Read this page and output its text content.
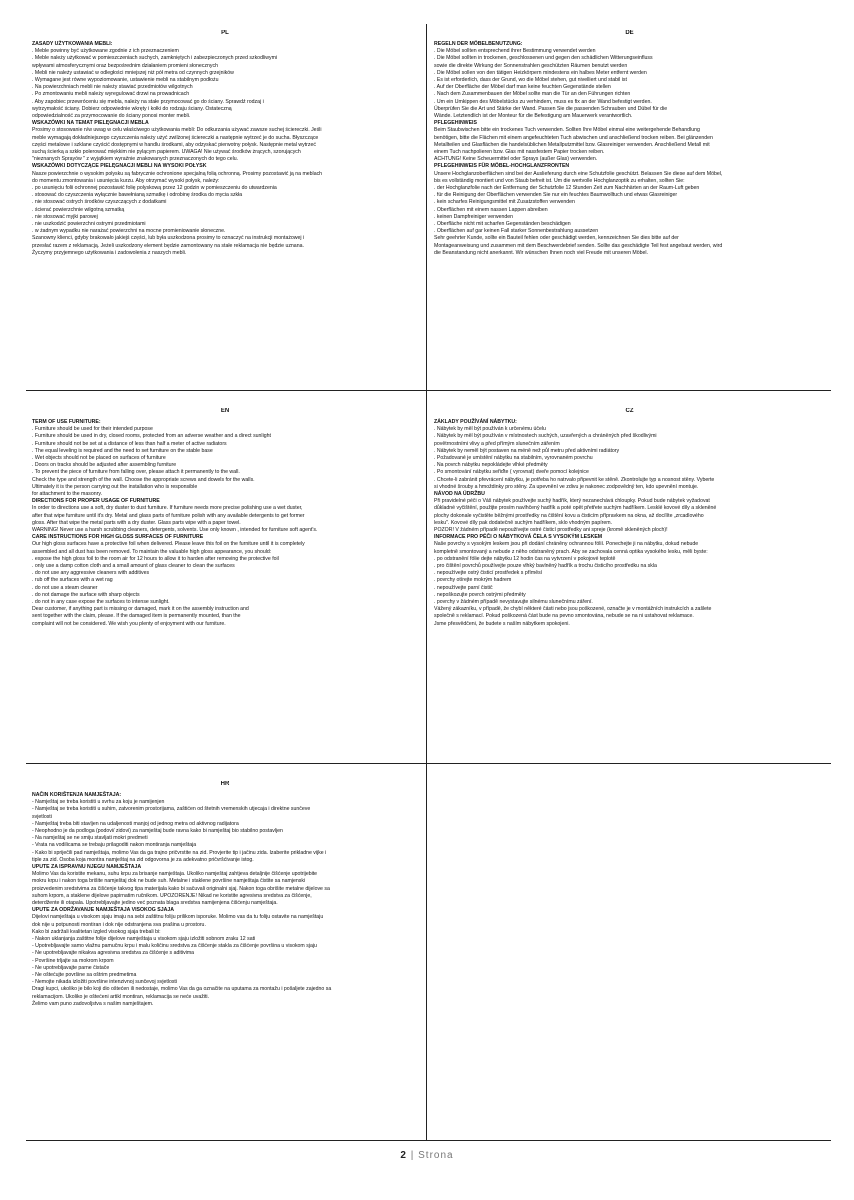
PL

ZASADY UŻYTKOWANIA MEBLI:

. Meble powinny być użytkowane zgodnie z ich przeznaczeniem

. Meble należy użytkować w pomieszczeniach suchych, zamkniętych i zabezpieczonych przed szkodliwymi

wpływami atmosferycznymi oraz bezpośrednim działaniem promieni słonecznych

. Mebli nie należy ustawiać w odległości mniejszej niż pół metra od czynnych grzejników

. Wymagane jest równe wypoziomowanie, ustawienie mebli na stabilnym podłożu

. Na powierzchniach mebli nie należy stawiać przedmiotów wilgotnych

. Po zmontowaniu mebli należy wyregulować drzwi na prowadnicach

. Aby zapobiec przewróceniu się mebla, należy na stałe przymocować go do ściany. Sprawdź rodzaj i

wytrzymałość ściany. Dobierz odpowiednie wkręty i kołki do rodzaju ściany. Ostateczną

odpowiedzialność za przymocowanie do ściany ponosi monter mebli.

WSKAZÓWKI NA TEMAT PIELĘGNACJI MEBLA

Prosimy o stosowanie n/w uwag w celu właściwego użytkowania mebli: Do odkurzania używać zawsze suchej ściereczki. Jeśli

meble wymagają dokładniejszego czyszczenia należy użyć zwilżonej ściereczki a następnie wytrzeć je do sucha. Błyszczące

części metalowe i szklane czyścić dostępnymi w handlu środkami, aby odzyskać pierwotny połysk. Następnie metal wytrzeć

suchą ścierką a szkło polerować miękkim nie pylącym papierem. UWAGA! Nie używać środków żrących, szorujących

"nieznanych Sprayów " z wyjątkiem wyraźnie znakowanych przeznaczonych do tego celu.

WSKAZÓWKI DOTYCZĄCE PIELĘGNACJI MEBLI NA WYSOKI POŁYSK

Nasze powierzchnie o wysokim połysku są fabrycznie ochronione specjalną folią ochronną. Prosimy pozostawić ją na meblach

do momentu zmontowania i usunięcia kurzu. Aby otrzymać wysoki połysk, należy:

. po usunięciu folii ochronnej pozostawić folię polyskową przez 12 godzin w pomieszczeniu do utwardzenia

. stosować do czyszczenia wyłącznie bawełnianą szmatkę i odrobinę środka do mycia szkła

. nie stosować ostrych środków czyszczących z dodatkami

. ścierać powierzchnie wilgotną szmatką

. nie stosować myjki parowej

. nie uszkodzić powierzchni ostrymi przedmiotami

. w żadnym wypadku nie narażać powierzchni na mocne promieniowanie słoneczne.

Szanowny klienci, gdyby brakowało jakiejś części, lub była uszkodzona prosimy to oznaczyć na instrukcji montażowej i

przesłać razem z reklamacją. Jeżeli uszkodzony element będzie zamontowany na stałe reklamacja nie będzie uznana.

Życzymy przyjemnego użytkowania i zadowolenia z naszych mebli.

DE

REGELN DER MÖBELBENUTZUNG:

. Die Möbel sollten entsprechend ihrer Bestimmung verwendet werden

. Die Möbel sollten in trockenen, geschlossenen und gegen den schädlichen Witterungseinfluss

sowie die direkte Wirkung der Sonnenstrahlen geschützten Räumen benutzt werden

. Die Möbel sollen von den tätigen Heizkörpern mindestens ein halbes Meter entfernt werden

. Es ist erforderlich, dass der Grund, wo die Möbel stehen, gut nivelliert und stabil ist

. Auf der Oberfläche der Möbel darf man keine feuchten Gegenstände stellen

. Nach dem Zusammenbauen der Möbel sollte man die Tür an den Führungen richten

. Um ein Umkippen des Möbelstücks zu verhindern, muss es fix an der Wand befestigt werden.

Überprüfen Sie die Art und Stärke der Wand. Passen Sie die passenden Schrauben und Dübel für die

Wände. Letztendlich ist der Monteur für die Befestigung am Mauerwerk verantwortlich.

PFLEGEHINWEIS

Beim Staubwischen bitte ein trockenes Tuch verwenden. Sollten Ihre Möbel einmal eine weitergehende Behandlung

benötigen, bitte die Flächen mit einem angefeuchteten Tuch abwischen und anschließend trocken reiben. Bei glänzenden

Metallteilen und Glasflächen die handelsüblichen Metallputzmittel bzw. Glasreiniger verwenden. Anschließend Metall mit

einem Tuch nachpolieren bzw. Glas mit nassfestem Papier trocken reiben.

ACHTUNG! Keine Scheuermittel oder Sprays (außer Glas) verwenden.

PFLEGEHINWEIS FÜR MÖBEL-HOCHGLANZFRONTEN

Unsere Hochglanzoberflächen sind bei der Auslieferung durch eine Schutzfolie geschützt. Belassen Sie diese auf dem Möbel,

bis es vollständig montiert und von Staub befreit ist. Um die wertvolle Hochglanzoptik zu erhalten, sollten Sie:

. der Hochglanzfolie nach der Entfernung der Schutzfolie 12 Stunden Zeit zum Nachhärten an der Raum-Luft geben

. für die Reinigung der Oberflächen verwenden Sie nur ein feuchtes Baumwolltuch und etwas Glasreiniger

. kein scharfes Reinigungsmittel mit Zusatzstoffen verwenden

. Oberflächen mit einem nassen Lappen abreiben

. keinen Dampfreiniger verwenden

. Oberfläche nicht mit scharfen Gegenständen beschädigen

. Oberflächen auf gar keinen Fall starker Sonnenbestrahlung aussetzen

Sehr geehrter Kunde, sollte ein Bauteil fehlen oder geschädigt werden, kennzeichnen Sie dies bitte auf der

Montageanweisung und zusammen mit dem Beschwerdebrief senden. Sollte das geschädigte Teil fest angebaut werden, wird

die Beanstandung nicht anerkannt. Wir wünschen Ihnen noch viel Freude mit unseren Möbel.

EN

TERM OF USE FURNITURE:

. Furniture should be used for their intended purpose

. Furniture should be used in dry, closed rooms, protected from an adverse weather and a direct sunlight

. Furniture should not be set at a distance of less than half a meter of active radiators

. The equal leveling is required and the need to set furniture on the stable base

. Wet objects should not be placed on surfaces of furniture

. Doors on tracks should be adjusted after assembling furniture

. To prevent the piece of furniture from falling over, please attach it permanently to the wall.

Check the type and strength of the wall. Choose the appropriate screws and dowels for the walls.

Ultimately it is the person carrying out the installation who is responsible

for attachment to the masonry.

DIRECTIONS FOR PROPER USAGE OF FURNITURE

In order to directions use a soft, dry duster to dust furniture. If furniture needs more precise polishing use a wet duster,

after that wipe furniture until it's dry. Metal and glass parts of furniture polish with any available detergents to get former

gloss. After that wipe the metal parts with a dry duster. Glass parts wipe with a paper towel.

WARNING! Never use a harsh scrubbing cleaners, detergents, solvents. Use only known , intended for furniture soft agent's.

CARE INSTRUCTIONS FOR HIGH GLOSS SURFACES OF FURNITURE

Our high gloss surfaces have a protective foil when delivered. Please leave this foil on the furniture until it is completely

assembled and all dust has been removed. To maintain the valuable high gloss appearance, you should:

. expose the high gloss foil to the room air for 12 hours to allow it to harden after removing the protective foil

. only use a damp cotton cloth and a small amount of glass cleaner to clean the surfaces

. do not use any aggressive cleaners with additives

. rub off the surfaces with a wet rag

. do not use a steam cleaner

. do not damage the surface with sharp objects

. do not in any case expose the surfaces to intense sunlight.

Dear customer, if anything part is missing or damaged, mark it on the assembly instruction and

sent together with the claim, please. If the damaged item is permanently mounted, than the

complaint will not be considered. We wish you plenty of enjoyment with our furniture.

CZ

ZÁKLADY POUŽÍVÁNÍ NÁBYTKU:

. Nábytek by měl být používán k určenému účelu

. Nábytek by měl být používán v místnostech suchých, uzavřených a chráněných před škodlivými

povětrnostními vlivy a před přímým slunečním zářením

. Nábytek by neměl být postaven na méně než půl metru před aktivními radiátory

. Požadované je umístění nábytku na stabilním, vyrovnaném povrchu

. Na povrch nábytku nepokládejte vlhké předměty

. Po smontování nábytku seřiďte ( vyrovnat) dveře pomocí kolejnice

. Chcete-li zabránit převrácení nábytku, je potřeba ho natrvalo připevnit ke stěně. Zkontrolujte typ a nosnost stěny. Vyberte

si vhodné šrouby a hmoždinky pro stěny. Za upevnění ve zdivu je nakonec zodpovědný ten, kdo upevnění montuje.

NÁVOD NA ÚDRŽBU

Při pravidelné péči o Váš nábytek používejte suchý hadřík, který nezanechává chloupky. Pokud bude nábytek vyžadovat

důkladné vyčištění, použijte prosím navlhčený hadřík a poté opět přetřete suchým hadříkem. Lesklé kovové díly a skleněné

plochy dokonale vyčistěte běžnými prostředky na čištění kovu a čisticím přípravkem na okna, až docílíte „zrcadlového

lesku". Kovové díly pak dodatečně suchým hadříkem, sklo vhodným papírem.

POZOR! V žádném případě nepoužívejte ostré čisticí prostředky ani spreje (kromě skleněných ploch)!

INFORMACE PRO PÉČI O NÁBYTKOVÁ ČELA S VYSOKÝM LESKEM

Naše povrchy s vysokým leskem jsou při dodání chráněny ochrannou fólií. Ponechejte ji na nábytku, dokud nebude

kompletně smontovaný a nebude z něho odstraněný prach. Aby se zachovala cenná optika vysokého lesku, měli byste:

. po odstranění fólie dejte nábytku 12 hodin čas na vytvrzení v pokojové teplotě

. pro čištění povrchů používejte pouze vlhký bavlněný hadřík a trochu čisticího prostředku na skla

. nepoužívejte ostrý čisticí prostředek s příměsí

. povrchy otírejte mokrým hadrem

. nepoužívejte parní čistič

. nepoškozujte povrch ostrými předměty

. povrchy v žádném případě nevystavujte silnému slunečnímu záření.

Vážený zákazníku, v případě, že chybí některé části nebo jsou poškozené, označte je v montážních instrukcích a zašlete

společně s reklamací. Pokud poškozená část bude na pevno smontována, nebude se na ni ustahovat reklamace.

Jsme přesvědčeni, že budete s naším nábytkem spokojeni.

HR

NAČIN KORIŠTENJA NAMJEŠTAJA:

- Namještaj se treba koristiti u svrhu za koju je namijenjen

- Namještaj se treba koristiti u suhim, zatvorenim prostorijama, zaštićen od štetnih vremenskih utjecaja i direktne sunčeve

svjetlosti

- Namještaj treba biti stavljen na udaljenosti manjoj od jednog metra od aktivnog radijatora

- Neophodno je da podloga (podovi/ zidovi) za namještaj bude ravna kako bi namještaj bio stabilno postavljen

- Na namještaj se ne smiju stavljati mokri predmeti

- Vrata na vodilicama se trebaju prilagoditi nakon montiranja namještaja

- Kako bi spriječili pad namještaja, molimo Vas da ga trajno pričvrstite na zid. Provjerite tip i jačinu zida. Izaberite prikladne vijke i

tiple za zid. Osoba koja montira namještaj na zid odgovorna je za adekvatno pričvršćivanje istog.

UPUTE ZA ISPRAVNU NJEGU NAMJEŠTAJA

Molimo Vas da koristite mekanu, suhu krpu za brisanje namještaja. Ukoliko namještaj zahtjeva detaljnije čišćenje upotrijebite

mokru krpu i nakon toga brišite namještaj dok ne bude suh. Metalne i staklene površine namještaja čistite sa namjenski

proizvedenim sredstvima za čišćenje takvog tipa materijala kako bi sačuvali originalni sjaj. Nakon toga obrišite metalne dijelove sa

suhom krpom, a staklene dijelove papirnatim ručnikom. UPOZORENJE! Nikad ne koristite agresivna sredstva za čišćenje,

deterdžente ili otapala. Upotrebljavajte jedino već poznata blaga sredstva namijenjena čišćenju namještaja.

UPUTE ZA ODRŽAVANJE NAMJEŠTAJA VISOKOG SJAJA

Dijelovi namještaja u visokom sjaju imaju na sebi zaštitnu foliju prilikom isporuke. Molimo vas da tu foliju ostavite na namještaju

dok nije u potpunosti montiran i dok nije odstranjena sva prašina u prostoru.

Kako bi zadržali kvalitetan izgled visokog sjaja trebali bi:

- Nakon uklanjanja zaštitne folije dijelove namještaja u visokom sjaju izložiti sobnom zraku 12 sati

- Upotrebljavajte samo vlažnu pamučnu krpu i malu količinu sredstva za čišćenje stakla za čišćenje površina u visokom sjaju

- Ne upotrebljavajte nikakva agresivna sredstva za čišćenje s aditivima

- Površine trljajte sa mokrom krpom

- Ne upotrebljavajte parne čistače

- Ne oštećujte površine sa oštrim predmetima

- Nemojte nikada izložiti površine intenzivnoj sunčevoj svjetlosti

Dragi kupci, ukoliko je bilo koji dio oštećen ili nedostaje, molimo Vas da ga označite na uputama za montažu i pošaljete zajedno sa

reklamacijom. Ukoliko je oštećeni artikl montiran, reklamacija se neće uvažiti.

Želimo vam puno zadovoljstva s našim namještajem.

2 | Strona
